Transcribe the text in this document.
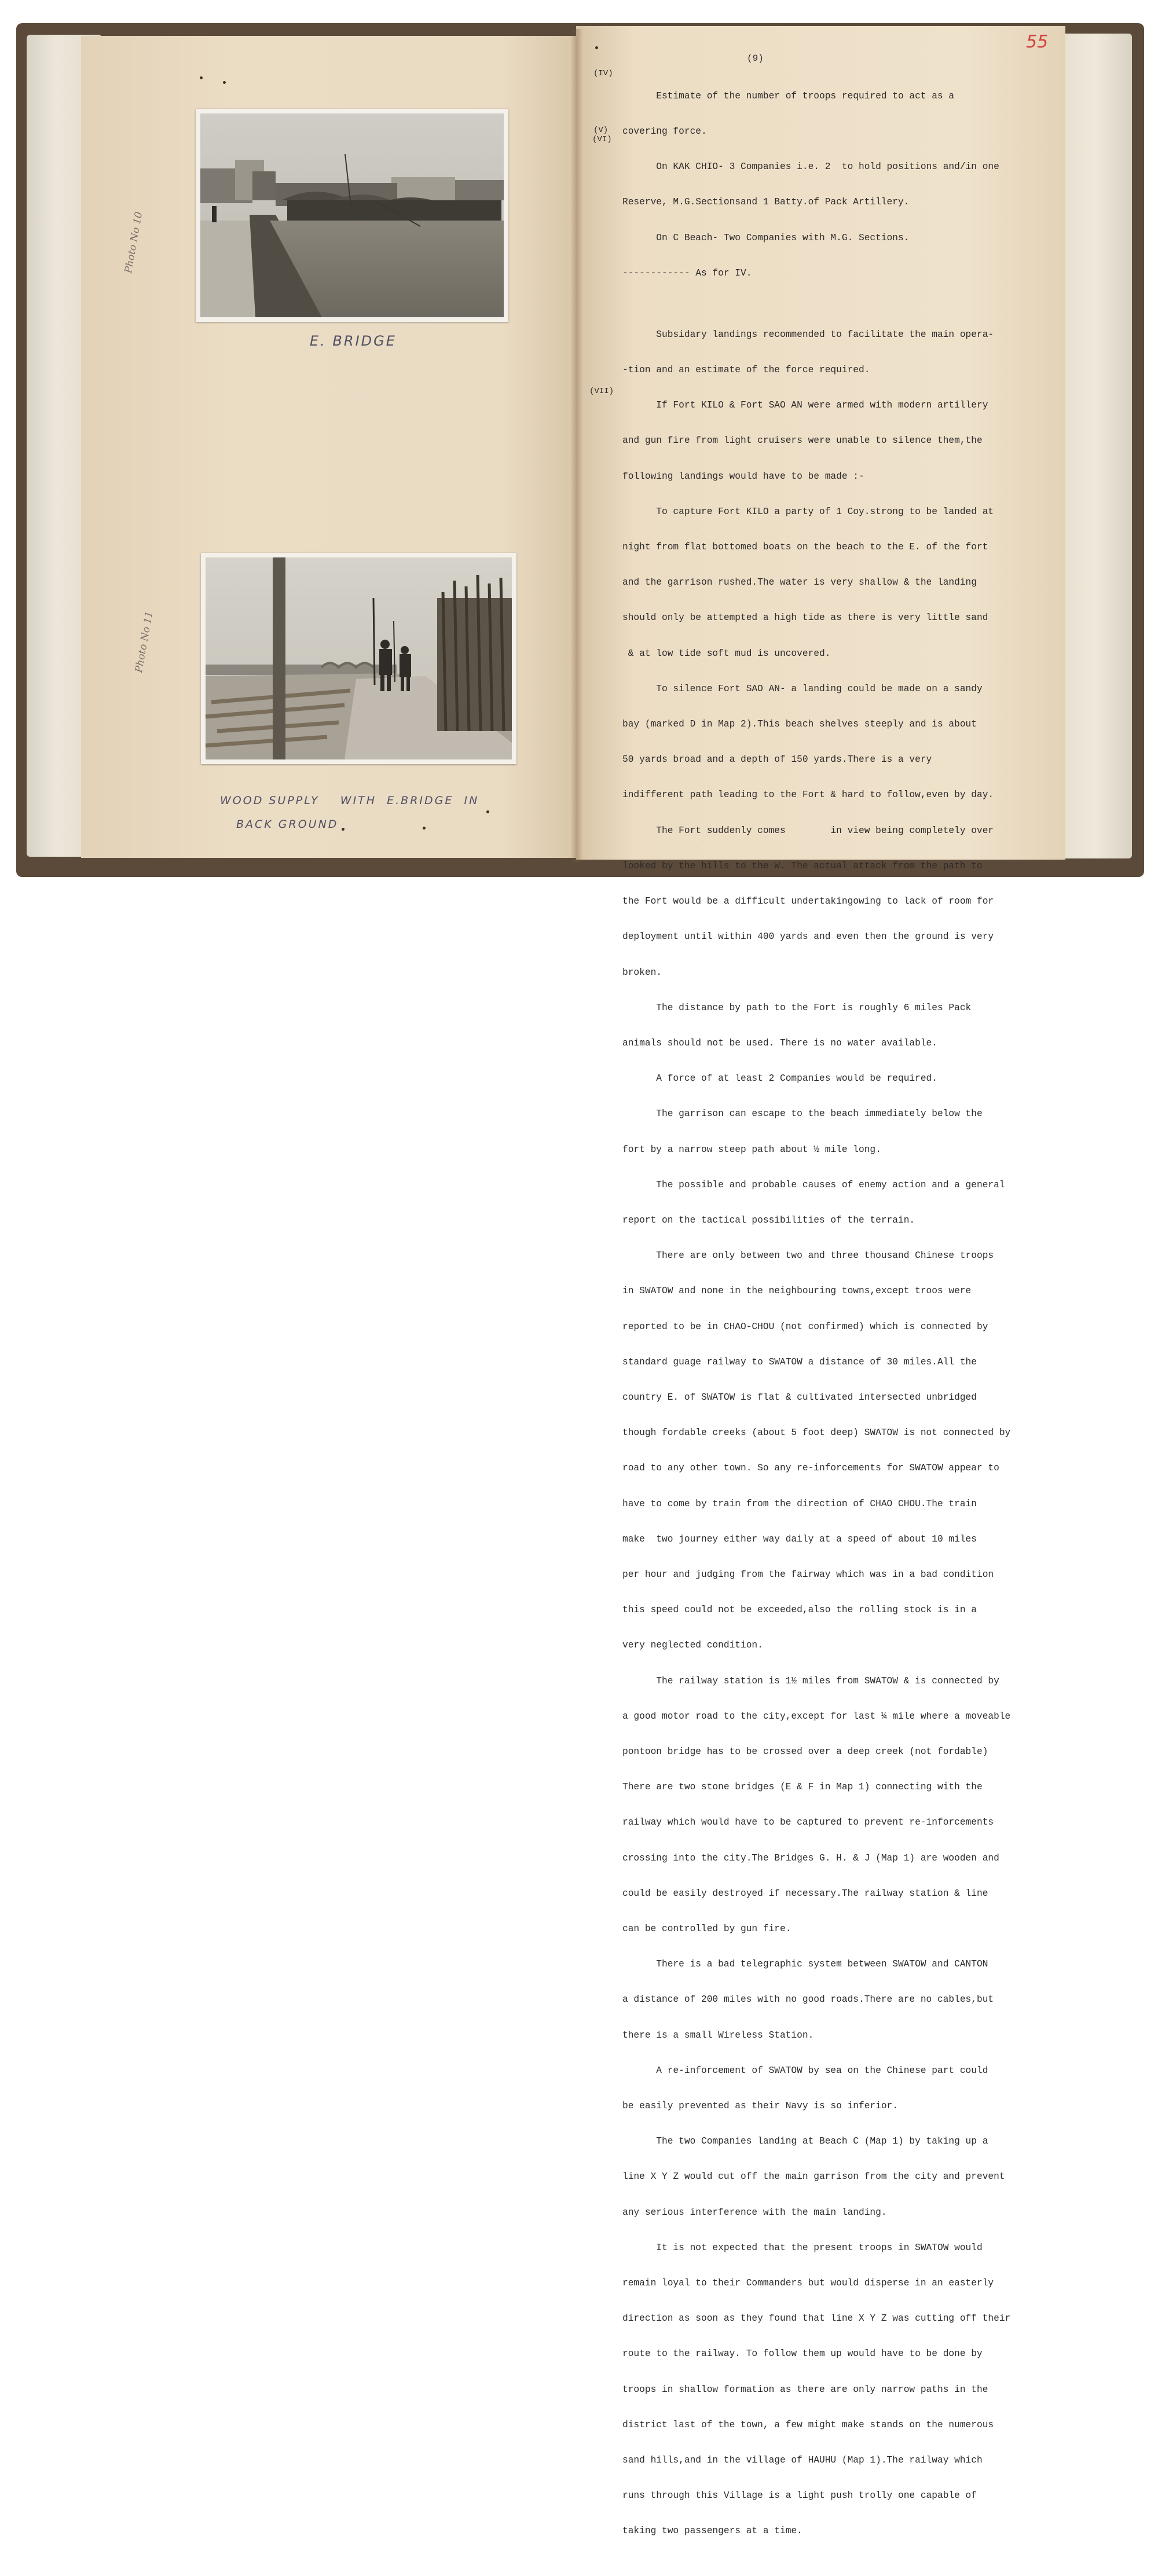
Photo No 10
E. BRIDGE
Photo No 11
WOOD SUPPLY    WITH  E.BRIDGE  IN
BACK GROUND
55
(9)
(IV)
(V)
(VI)
(VII)

Estimate of the number of troops required to act as a

covering force.

On KAK CHIO- 3 Companies i.e. 2  to hold positions and/in one

Reserve, M.G.Sectionsand 1 Batty.of Pack Artillery.

On C Beach- Two Companies with M.G. Sections.

------------ As for IV.

Subsidary landings recommended to facilitate the main opera-

-tion and an estimate of the force required.

If Fort KILO & Fort SAO AN were armed with modern artillery

and gun fire from light cruisers were unable to silence them,the

following landings would have to be made :-

To capture Fort KILO a party of 1 Coy.strong to be landed at

night from flat bottomed boats on the beach to the E. of the fort

and the garrison rushed.The water is very shallow & the landing

should only be attempted a high tide as there is very little sand

& at low tide soft mud is uncovered.

To silence Fort SAO AN- a landing could be made on a sandy

bay (marked D in Map 2).This beach shelves steeply and is about

50 yards broad and a depth of 150 yards.There is a very

indifferent path leading to the Fort & hard to follow,even by day.

The Fort suddenly comes        in view being completely over

looked by the hills to the W. The actual attack from the path to

the Fort would be a difficult undertakingowing to lack of room for

deployment until within 400 yards and even then the ground is very

broken.

The distance by path to the Fort is roughly 6 miles Pack

animals should not be used. There is no water available.

A force of at least 2 Companies would be required.

The garrison can escape to the beach immediately below the

fort by a narrow steep path about ½ mile long.

The possible and probable causes of enemy action and a general

report on the tactical possibilities of the terrain.

There are only between two and three thousand Chinese troops

in SWATOW and none in the neighbouring towns,except troos were

reported to be in CHAO-CHOU (not confirmed) which is connected by

standard guage railway to SWATOW a distance of 30 miles.All the

country E. of SWATOW is flat & cultivated intersected unbridged

though fordable creeks (about 5 foot deep) SWATOW is not connected by

road to any other town. So any re-inforcements for SWATOW appear to

have to come by train from the direction of CHAO CHOU.The train

make  two journey either way daily at a speed of about 10 miles

per hour and judging from the fairway which was in a bad condition

this speed could not be exceeded,also the rolling stock is in a

very neglected condition.

The railway station is 1½ miles from SWATOW & is connected by

a good motor road to the city,except for last ¼ mile where a moveable

pontoon bridge has to be crossed over a deep creek (not fordable)

There are two stone bridges (E & F in Map 1) connecting with the

railway which would have to be captured to prevent re-inforcements

crossing into the city.The Bridges G. H. & J (Map 1) are wooden and

could be easily destroyed if necessary.The railway station & line

can be controlled by gun fire.

There is a bad telegraphic system between SWATOW and CANTON

a distance of 200 miles with no good roads.There are no cables,but

there is a small Wireless Station.

A re-inforcement of SWATOW by sea on the Chinese part could

be easily prevented as their Navy is so inferior.

The two Companies landing at Beach C (Map 1) by taking up a

line X Y Z would cut off the main garrison from the city and prevent

any serious interference with the main landing.

It is not expected that the present troops in SWATOW would

remain loyal to their Commanders but would disperse in an easterly

direction as soon as they found that line X Y Z was cutting off their

route to the railway. To follow them up would have to be done by

troops in shallow formation as there are only narrow paths in the

district last of the town, a few might make stands on the numerous

sand hills,and in the village of HAUHU (Map 1).The railway which

runs through this Village is a light push trolly one capable of

taking two passengers at a time.
